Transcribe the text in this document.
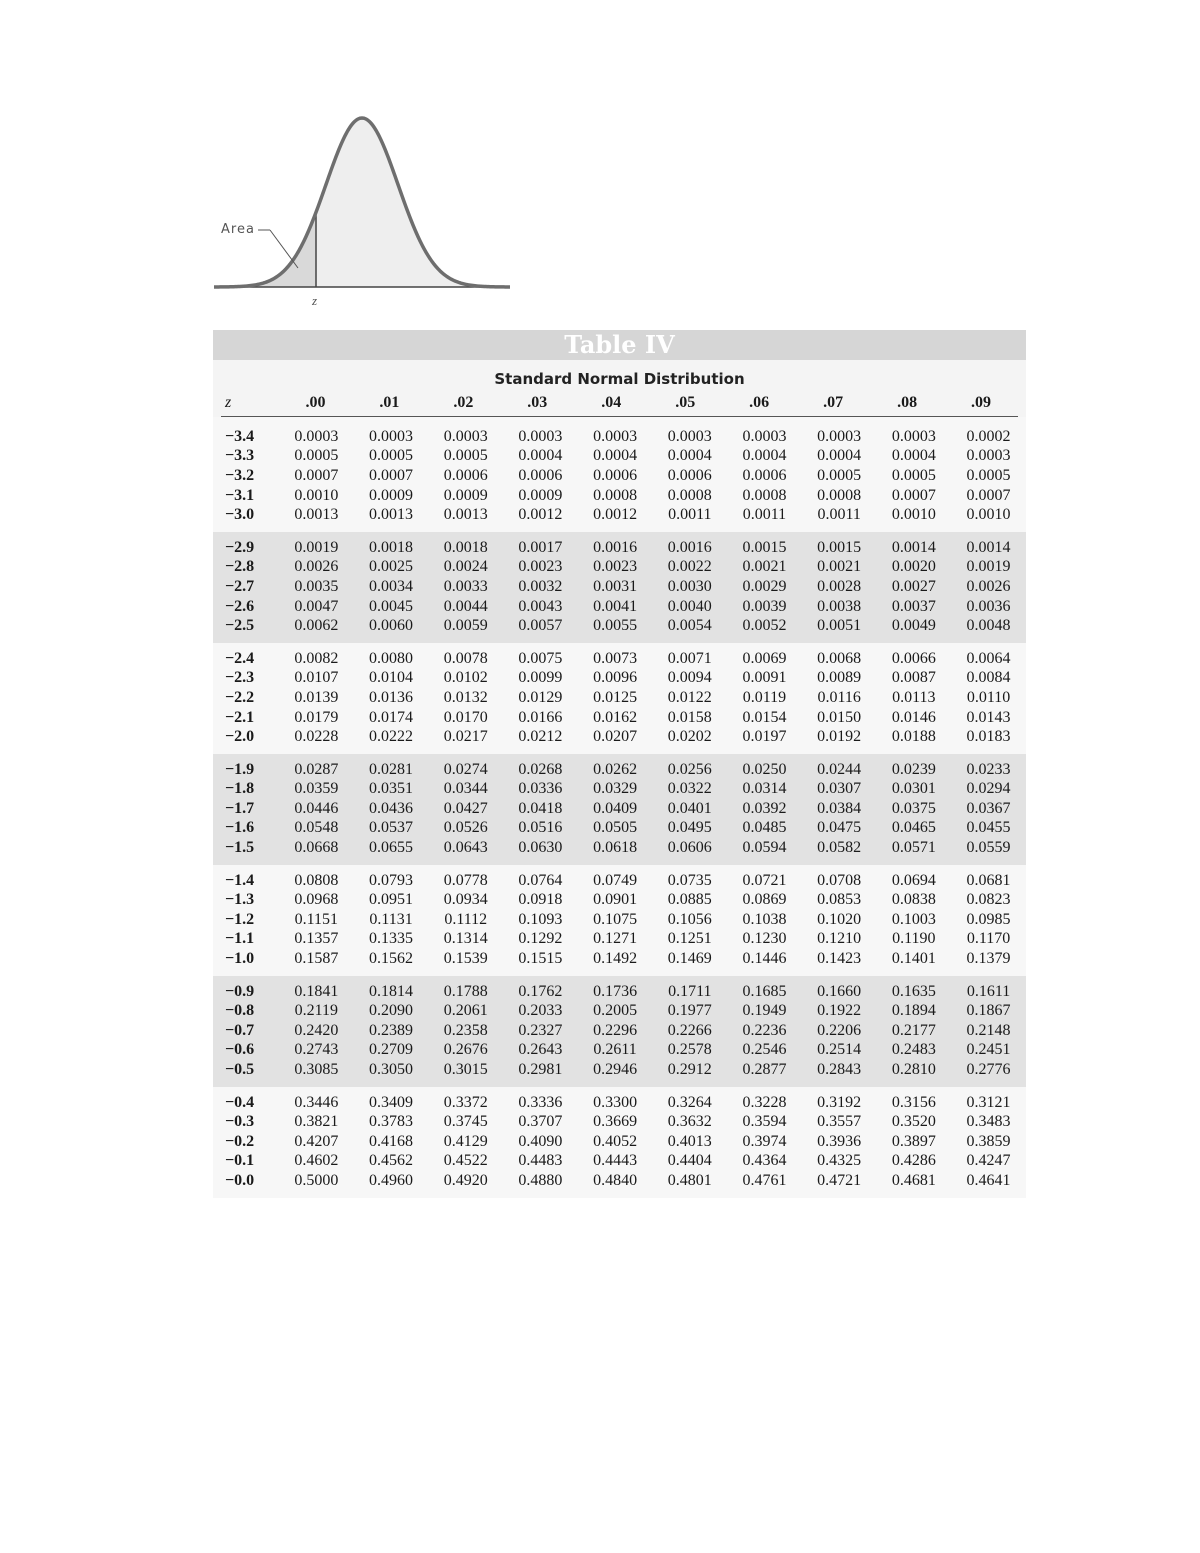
Area
z
Table IV
Standard Normal Distribution
z	.00	.01	.02	.03	.04	.05	.06	.07	.08	.09
−3.4	0.0003	0.0003	0.0003	0.0003	0.0003	0.0003	0.0003	0.0003	0.0003	0.0002
−3.3	0.0005	0.0005	0.0005	0.0004	0.0004	0.0004	0.0004	0.0004	0.0004	0.0003
−3.2	0.0007	0.0007	0.0006	0.0006	0.0006	0.0006	0.0006	0.0005	0.0005	0.0005
−3.1	0.0010	0.0009	0.0009	0.0009	0.0008	0.0008	0.0008	0.0008	0.0007	0.0007
−3.0	0.0013	0.0013	0.0013	0.0012	0.0012	0.0011	0.0011	0.0011	0.0010	0.0010
−2.9	0.0019	0.0018	0.0018	0.0017	0.0016	0.0016	0.0015	0.0015	0.0014	0.0014
−2.8	0.0026	0.0025	0.0024	0.0023	0.0023	0.0022	0.0021	0.0021	0.0020	0.0019
−2.7	0.0035	0.0034	0.0033	0.0032	0.0031	0.0030	0.0029	0.0028	0.0027	0.0026
−2.6	0.0047	0.0045	0.0044	0.0043	0.0041	0.0040	0.0039	0.0038	0.0037	0.0036
−2.5	0.0062	0.0060	0.0059	0.0057	0.0055	0.0054	0.0052	0.0051	0.0049	0.0048
−2.4	0.0082	0.0080	0.0078	0.0075	0.0073	0.0071	0.0069	0.0068	0.0066	0.0064
−2.3	0.0107	0.0104	0.0102	0.0099	0.0096	0.0094	0.0091	0.0089	0.0087	0.0084
−2.2	0.0139	0.0136	0.0132	0.0129	0.0125	0.0122	0.0119	0.0116	0.0113	0.0110
−2.1	0.0179	0.0174	0.0170	0.0166	0.0162	0.0158	0.0154	0.0150	0.0146	0.0143
−2.0	0.0228	0.0222	0.0217	0.0212	0.0207	0.0202	0.0197	0.0192	0.0188	0.0183
−1.9	0.0287	0.0281	0.0274	0.0268	0.0262	0.0256	0.0250	0.0244	0.0239	0.0233
−1.8	0.0359	0.0351	0.0344	0.0336	0.0329	0.0322	0.0314	0.0307	0.0301	0.0294
−1.7	0.0446	0.0436	0.0427	0.0418	0.0409	0.0401	0.0392	0.0384	0.0375	0.0367
−1.6	0.0548	0.0537	0.0526	0.0516	0.0505	0.0495	0.0485	0.0475	0.0465	0.0455
−1.5	0.0668	0.0655	0.0643	0.0630	0.0618	0.0606	0.0594	0.0582	0.0571	0.0559
−1.4	0.0808	0.0793	0.0778	0.0764	0.0749	0.0735	0.0721	0.0708	0.0694	0.0681
−1.3	0.0968	0.0951	0.0934	0.0918	0.0901	0.0885	0.0869	0.0853	0.0838	0.0823
−1.2	0.1151	0.1131	0.1112	0.1093	0.1075	0.1056	0.1038	0.1020	0.1003	0.0985
−1.1	0.1357	0.1335	0.1314	0.1292	0.1271	0.1251	0.1230	0.1210	0.1190	0.1170
−1.0	0.1587	0.1562	0.1539	0.1515	0.1492	0.1469	0.1446	0.1423	0.1401	0.1379
−0.9	0.1841	0.1814	0.1788	0.1762	0.1736	0.1711	0.1685	0.1660	0.1635	0.1611
−0.8	0.2119	0.2090	0.2061	0.2033	0.2005	0.1977	0.1949	0.1922	0.1894	0.1867
−0.7	0.2420	0.2389	0.2358	0.2327	0.2296	0.2266	0.2236	0.2206	0.2177	0.2148
−0.6	0.2743	0.2709	0.2676	0.2643	0.2611	0.2578	0.2546	0.2514	0.2483	0.2451
−0.5	0.3085	0.3050	0.3015	0.2981	0.2946	0.2912	0.2877	0.2843	0.2810	0.2776
−0.4	0.3446	0.3409	0.3372	0.3336	0.3300	0.3264	0.3228	0.3192	0.3156	0.3121
−0.3	0.3821	0.3783	0.3745	0.3707	0.3669	0.3632	0.3594	0.3557	0.3520	0.3483
−0.2	0.4207	0.4168	0.4129	0.4090	0.4052	0.4013	0.3974	0.3936	0.3897	0.3859
−0.1	0.4602	0.4562	0.4522	0.4483	0.4443	0.4404	0.4364	0.4325	0.4286	0.4247
−0.0	0.5000	0.4960	0.4920	0.4880	0.4840	0.4801	0.4761	0.4721	0.4681	0.4641
